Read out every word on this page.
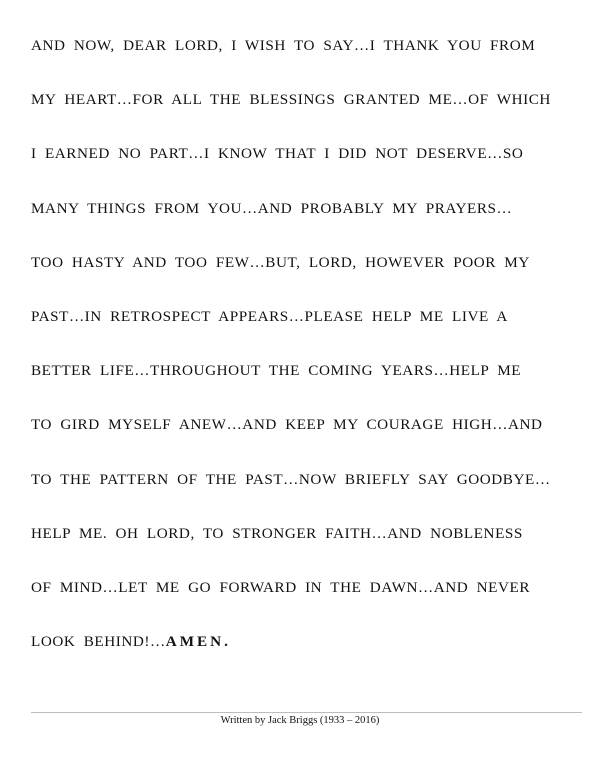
AND NOW, DEAR LORD, I WISH TO SAY…I THANK YOU FROM
MY HEART…FOR ALL THE BLESSINGS GRANTED ME…OF WHICH
I EARNED NO PART…I KNOW THAT I DID NOT DESERVE…SO
MANY THINGS FROM YOU…AND PROBABLY MY PRAYERS…
TOO HASTY AND TOO FEW…BUT, LORD, HOWEVER POOR MY
PAST…IN RETROSPECT APPEARS…PLEASE HELP ME LIVE A
BETTER LIFE…THROUGHOUT THE COMING YEARS…HELP ME
TO GIRD MYSELF ANEW…AND KEEP MY COURAGE HIGH…AND
TO THE PATTERN OF THE PAST…NOW BRIEFLY SAY GOODBYE…
HELP ME. OH LORD, TO STRONGER FAITH…AND NOBLENESS
OF MIND…LET ME GO FORWARD IN THE DAWN…AND NEVER
LOOK BEHIND!…AMEN.
Written by Jack Briggs (1933 – 2016)
